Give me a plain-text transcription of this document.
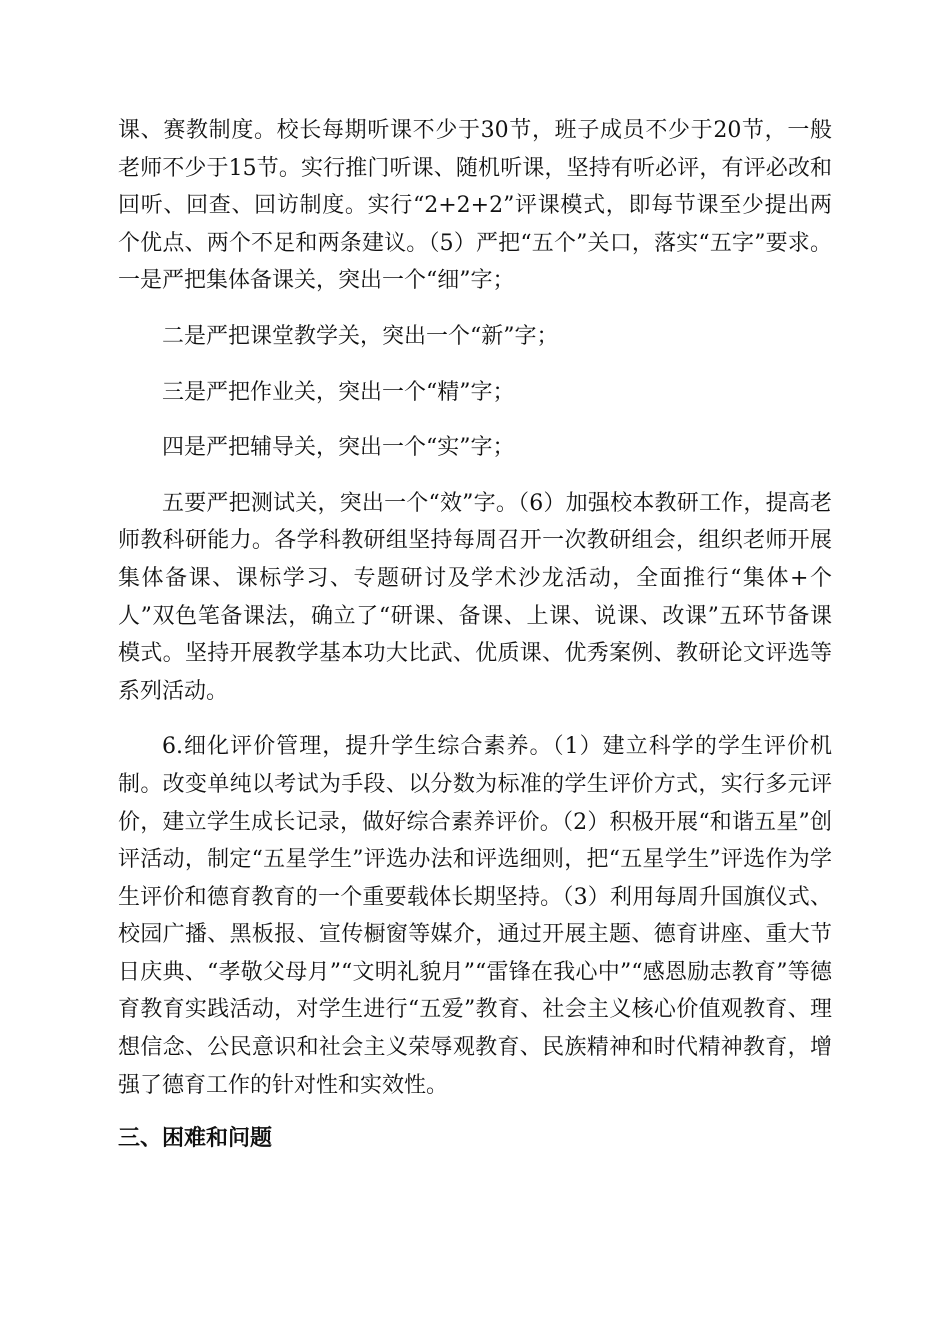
课、赛教制度。校长每期听课不少于30节，班子成员不少于20节，一般老师不少于15节。实行推门听课、随机听课，坚持有听必评，有评必改和回听、回查、回访制度。实行“2+2+2”评课模式，即每节课至少提出两个优点、两个不足和两条建议。（5）严把“五个”关口，落实“五字”要求。一是严把集体备课关，突出一个“细”字；

二是严把课堂教学关，突出一个“新”字；

三是严把作业关，突出一个“精”字；

四是严把辅导关，突出一个“实”字；

五要严把测试关，突出一个“效”字。（6）加强校本教研工作，提高老师教科研能力。各学科教研组坚持每周召开一次教研组会，组织老师开展集体备课、课标学习、专题研讨及学术沙龙活动，全面推行“集体+个人”双色笔备课法，确立了“研课、备课、上课、说课、改课”五环节备课模式。坚持开展教学基本功大比武、优质课、优秀案例、教研论文评选等系列活动。

6.细化评价管理，提升学生综合素养。（1）建立科学的学生评价机制。改变单纯以考试为手段、以分数为标准的学生评价方式，实行多元评价，建立学生成长记录，做好综合素养评价。（2）积极开展“和谐五星”创评活动，制定“五星学生”评选办法和评选细则，把“五星学生”评选作为学生评价和德育教育的一个重要载体长期坚持。（3）利用每周升国旗仪式、校园广播、黑板报、宣传橱窗等媒介，通过开展主题、德育讲座、重大节日庆典、“孝敬父母月”“文明礼貌月”“雷锋在我心中”“感恩励志教育”等德育教育实践活动，对学生进行“五爱”教育、社会主义核心价值观教育、理想信念、公民意识和社会主义荣辱观教育、民族精神和时代精神教育，增强了德育工作的针对性和实效性。

三、困难和问题
